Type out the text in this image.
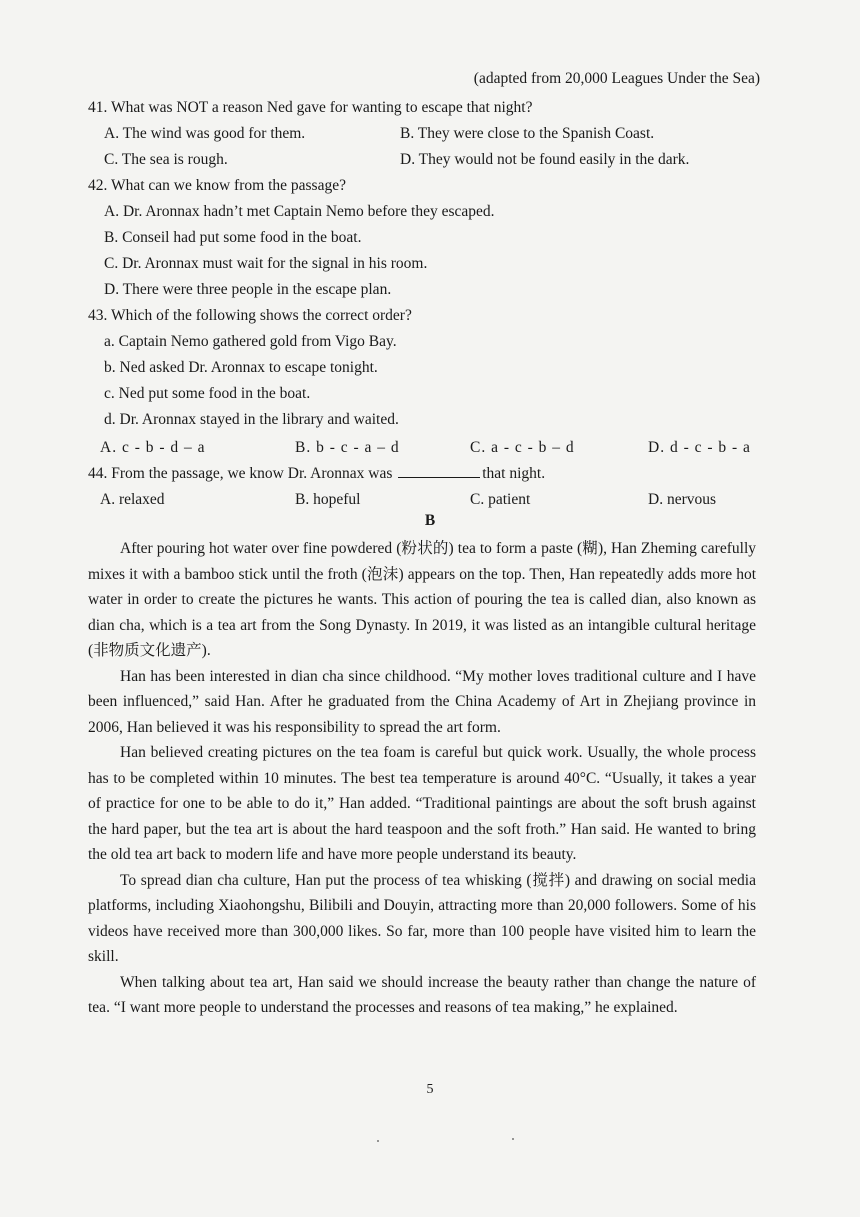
(adapted from 20,000 Leagues Under the Sea)
41. What was NOT a reason Ned gave for wanting to escape that night?
A. The wind was good for them.	B. They were close to the Spanish Coast.
C. The sea is rough.	D. They would not be found easily in the dark.
42. What can we know from the passage?
A. Dr. Aronnax hadn’t met Captain Nemo before they escaped.
B. Conseil had put some food in the boat.
C. Dr. Aronnax must wait for the signal in his room.
D. There were three people in the escape plan.
43. Which of the following shows the correct order?
a. Captain Nemo gathered gold from Vigo Bay.
b. Ned asked Dr. Aronnax to escape tonight.
c. Ned put some food in the boat.
d. Dr. Aronnax stayed in the library and waited.
A. c - b - d – a	B. b - c - a – d	C. a - c - b – d	D. d - c - b - a
44. From the passage, we know Dr. Aronnax was	that night.
A. relaxed	B. hopeful	C. patient	D. nervous
B

After pouring hot water over fine powdered (粉状的) tea to form a paste (糊), Han Zheming carefully mixes it with a bamboo stick until the froth (泡沫) appears on the top. Then, Han repeatedly adds more hot water in order to create the pictures he wants. This action of pouring the tea is called dian, also known as dian cha, which is a tea art from the Song Dynasty. In 2019, it was listed as an intangible cultural heritage (非物质文化遗产).

Han has been interested in dian cha since childhood. “My mother loves traditional culture and I have been influenced,” said Han. After he graduated from the China Academy of Art in Zhejiang province in 2006, Han believed it was his responsibility to spread the art form.

Han believed creating pictures on the tea foam is careful but quick work. Usually, the whole process has to be completed within 10 minutes. The best tea temperature is around 40°C. “Usually, it takes a year of practice for one to be able to do it,” Han added. “Traditional paintings are about the soft brush against the hard paper, but the tea art is about the hard teaspoon and the soft froth.” Han said. He wanted to bring the old tea art back to modern life and have more people understand its beauty.

To spread dian cha culture, Han put the process of tea whisking (搅拌) and drawing on social media platforms, including Xiaohongshu, Bilibili and Douyin, attracting more than 20,000 followers. Some of his videos have received more than 300,000 likes. So far, more than 100 people have visited him to learn the skill.

When talking about tea art, Han said we should increase the beauty rather than change the nature of tea. “I want more people to understand the processes and reasons of tea making,” he explained.

5
